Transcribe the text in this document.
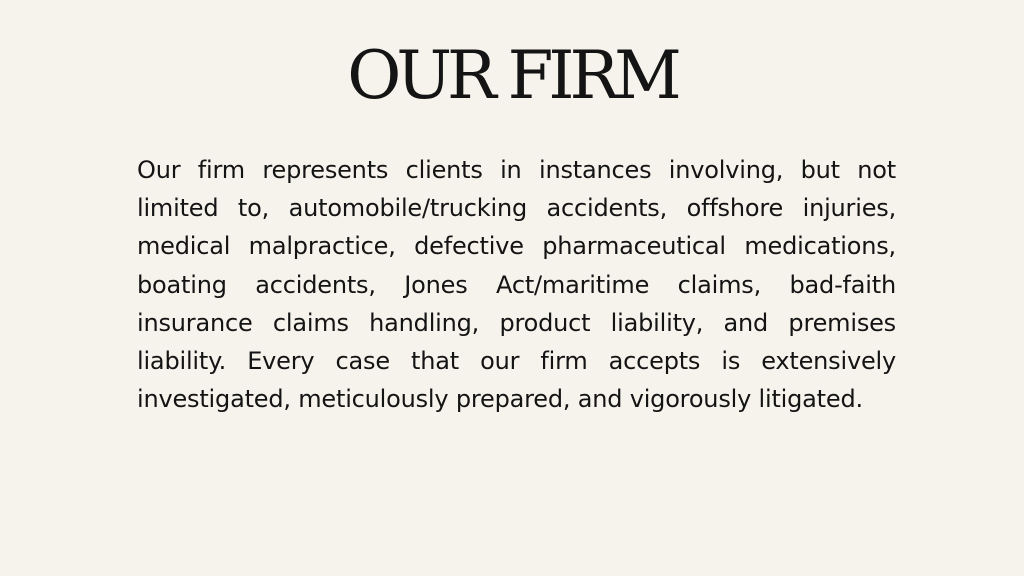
OUR FIRM

Our firm represents clients in instances involving, but not limited to, automobile/trucking accidents, offshore injuries, medical malpractice, defective pharmaceutical medications, boating accidents, Jones Act/maritime claims, bad-faith insurance claims handling, product liability, and premises liability. Every case that our firm accepts is extensively investigated, meticulously prepared, and vigorously litigated.
